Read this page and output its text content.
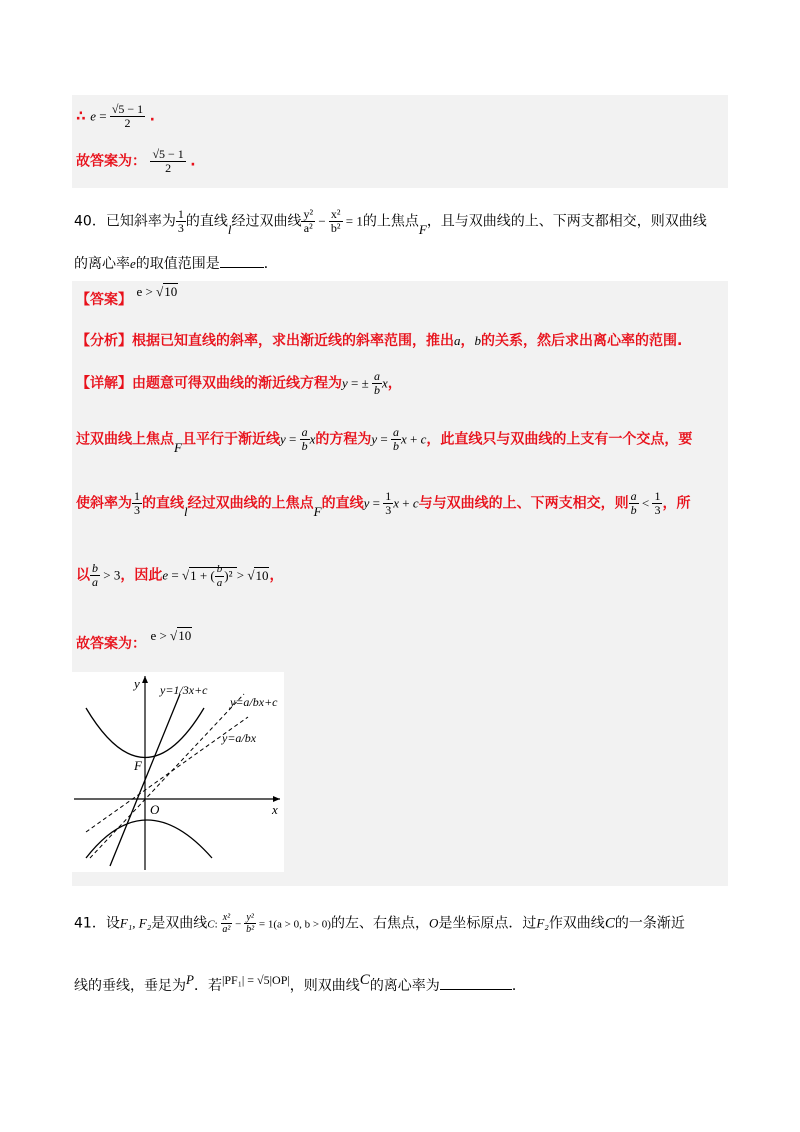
∴ $e = \frac{√5 - 1}{2}$ .
故答案为： $\frac{√5 - 1}{2}$ .
40．已知斜率为 $\frac{1}{3}$ 的直线l经过双曲线 $\frac{\text{y²}}{\text{a²}} - \frac{\text{x²}}{\text{b²}} = 1$的上焦点F，且与双曲线的上、下两支都相交，则双曲线
的离心率e的取值范围是	．
【答案】 e > √10
【分析】根据已知直线的斜率，求出渐近线的斜率范围，推出a，b的关系，然后求出离心率的范围.
【详解】由题意可得双曲线的渐近线方程为y = ± $\frac{a}{b}$ x，
过双曲线上焦点F且平行于渐近线$y = \frac{a}{b}$ x的方程为$y = \frac{a}{b}$ x + c，此直线只与双曲线的上支有一个交点，要
使斜率为 $\frac{1}{3}$ 的直线l经过双曲线的上焦点F的直线$y = \frac{1}{3}$ x + c与与双曲线的上、下两支相交，则 $\frac{a}{b} < \frac{1}{3}$ ，所
以 $\frac{b}{a} > 3$，因此e = √1 + ( $\frac{b}{a} )^2 > √10$，
故答案为： e > √10
y
x
O
F
y=1/3x+c
y=a/bx+c
y=a/bx
41．设F₁, F₂是双曲线C: $\frac{\text{x²}}{\text{a²}} - \frac{\text{y²}}{\text{b²}} = 1(a > 0$, b > 0)的左、右焦点，O是坐标原点．过F₂作双曲线C的一条渐近
线的垂线，垂足为P．若|PF₁| = √5|OP|，则双曲线C的离心率为	．
